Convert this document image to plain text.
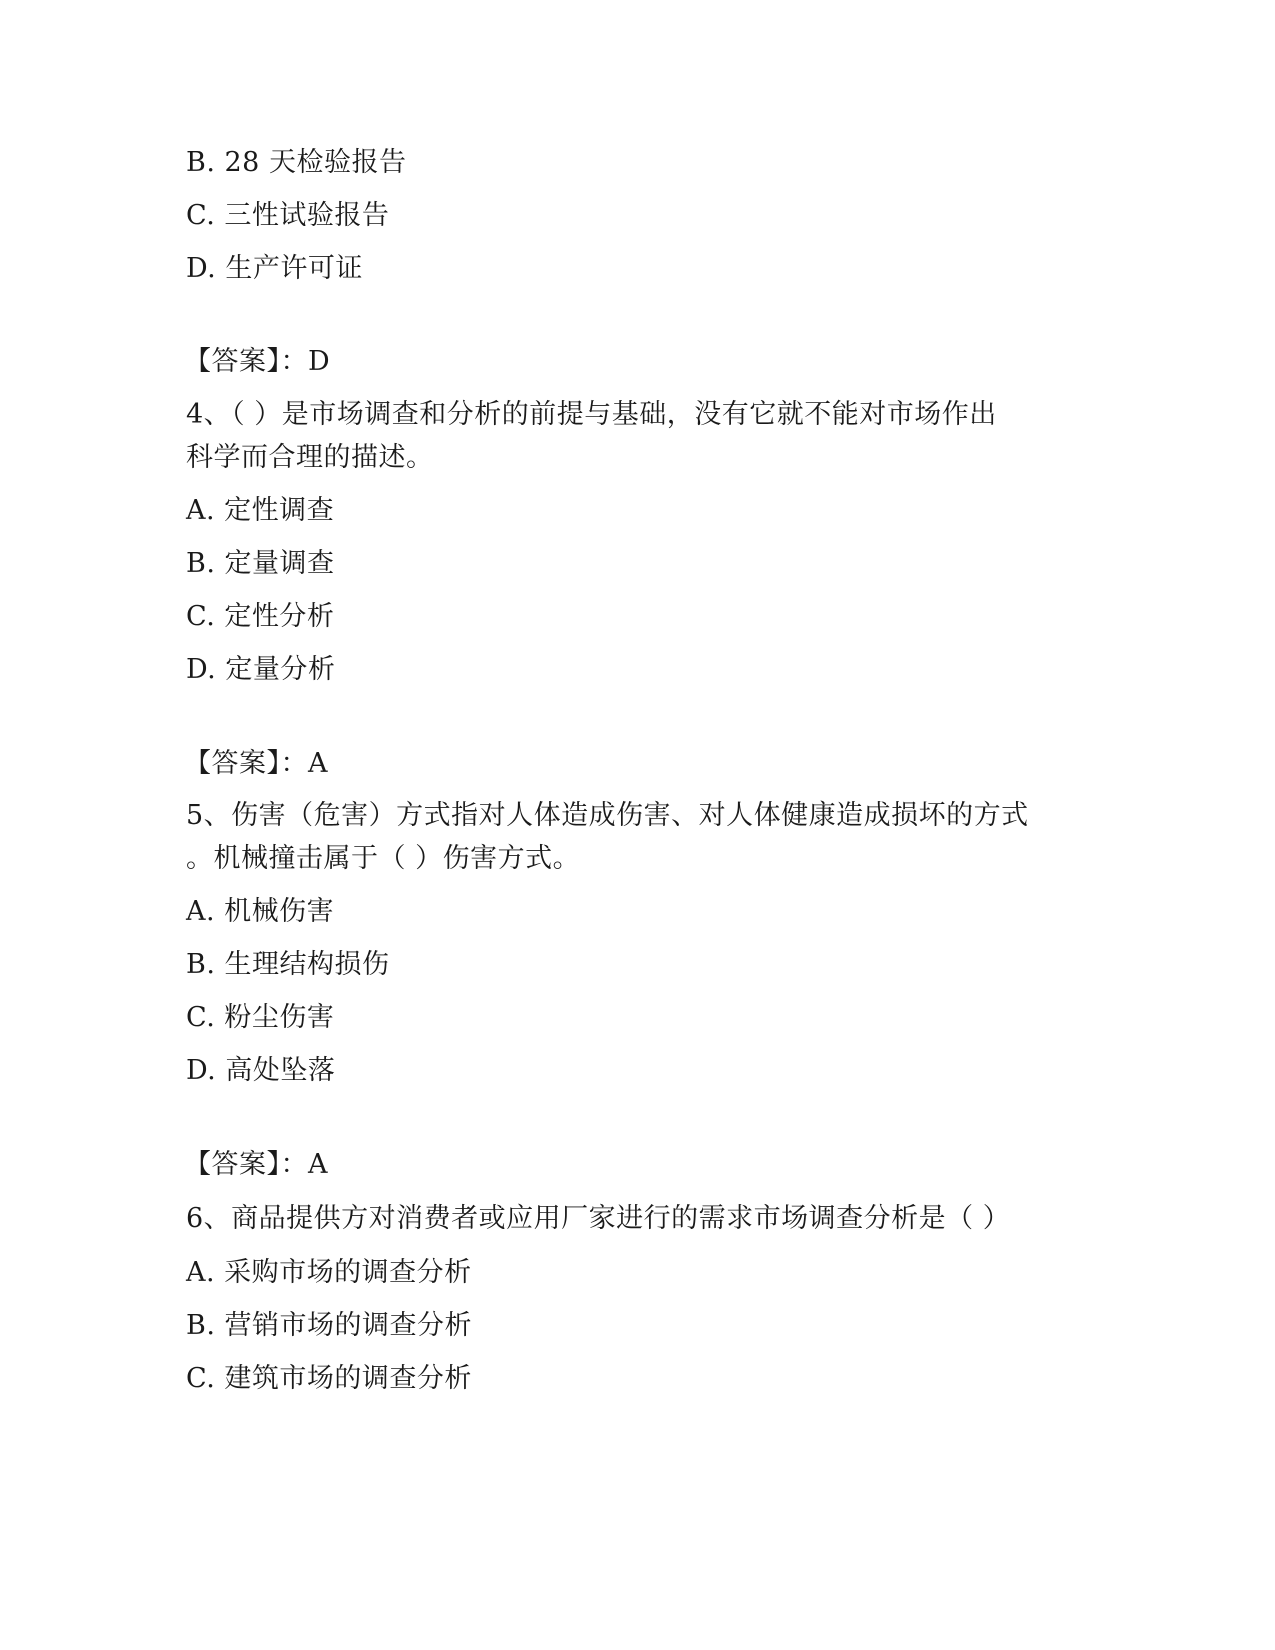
B. 28 天检验报告
C. 三性试验报告
D. 生产许可证
【答案】：D
4、（ ）是市场调查和分析的前提与基础，没有它就不能对市场作出
科学而合理的描述。
A. 定性调查
B. 定量调查
C. 定性分析
D. 定量分析
【答案】：A
5、伤害（危害）方式指对人体造成伤害、对人体健康造成损坏的方式
。机械撞击属于（ ）伤害方式。
A. 机械伤害
B. 生理结构损伤
C. 粉尘伤害
D. 高处坠落
【答案】：A
6、商品提供方对消费者或应用厂家进行的需求市场调查分析是（ ）
A. 采购市场的调查分析
B. 营销市场的调查分析
C. 建筑市场的调查分析
